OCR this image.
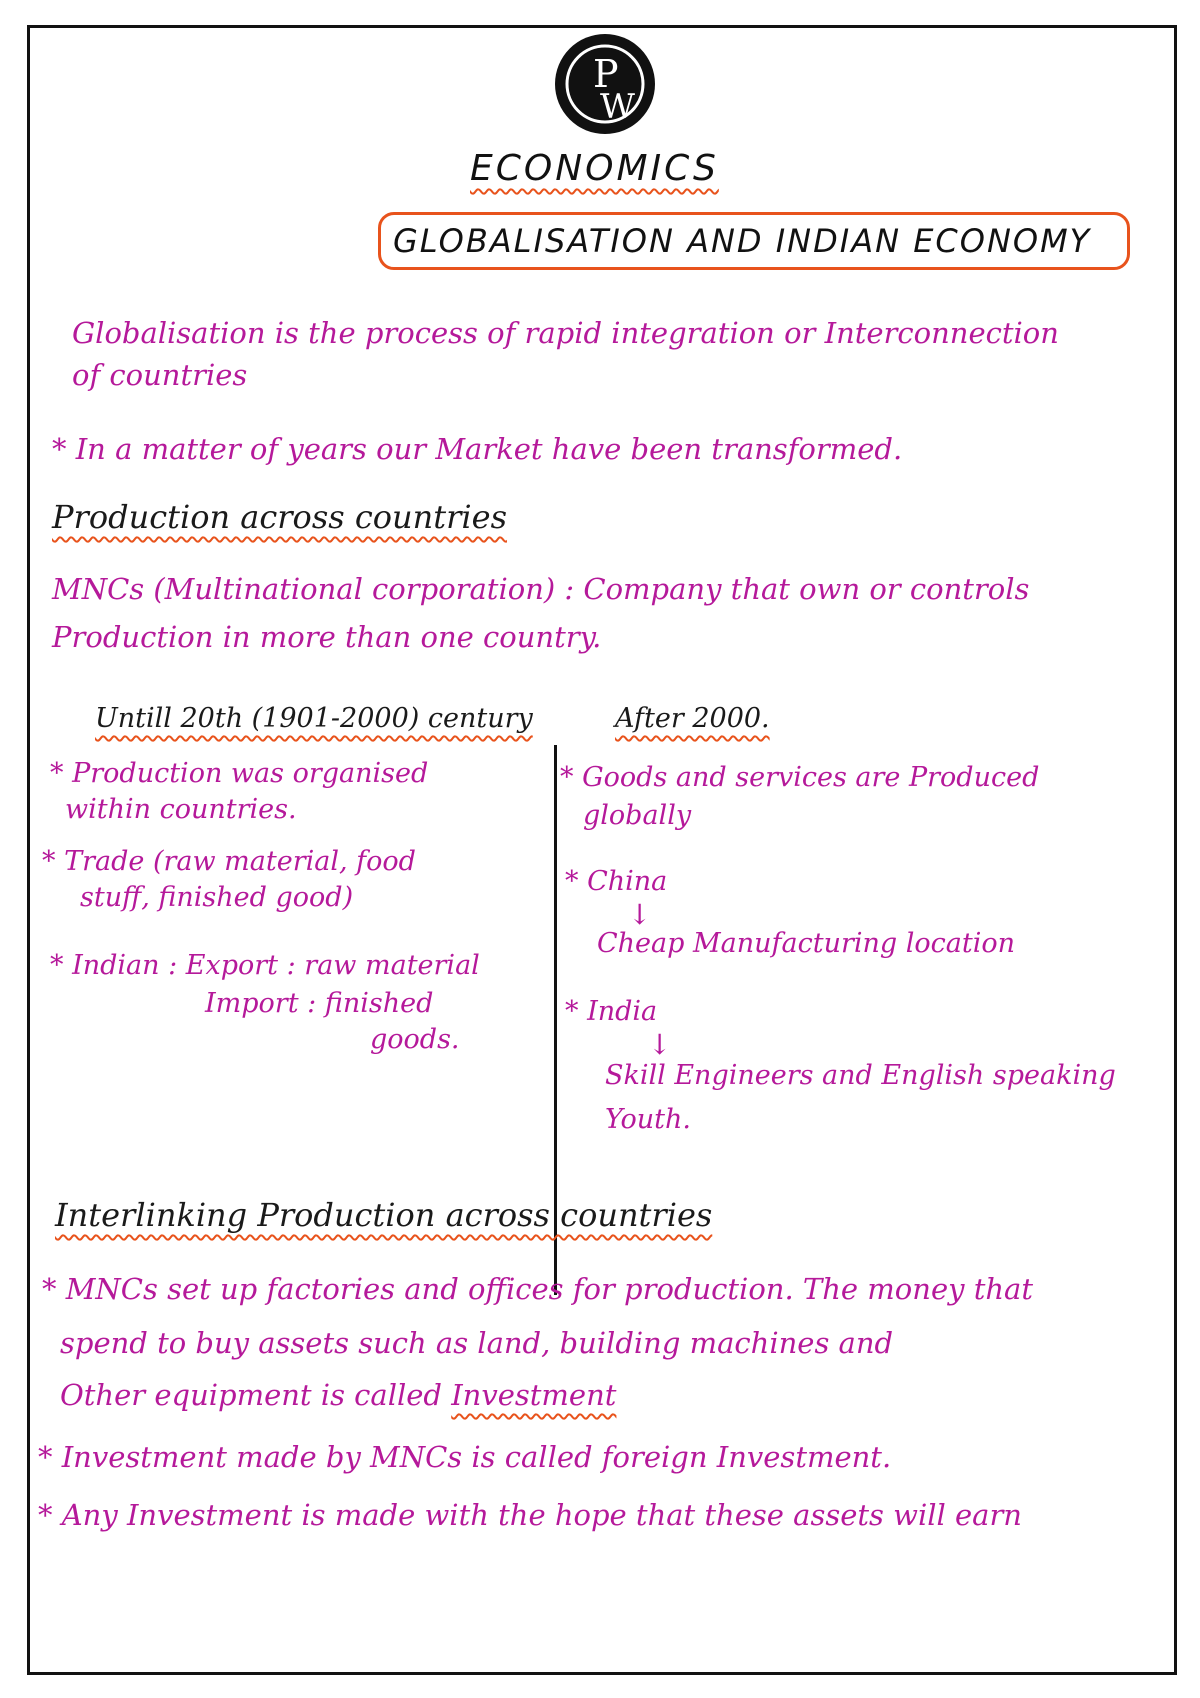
P
W
ECONOMICS
GLOBALISATION AND INDIAN ECONOMY
Globalisation is the process of rapid integration or Interconnection
of countries
* In a matter of years our Market have been transformed.
Production across countries
MNCs (Multinational corporation) : Company that own or controls
Production in more than one country.
Untill 20th (1901-2000) century
* Production was organised
within countries.
* Trade (raw material, food
stuff, finished good)
* Indian : Export : raw material
Import : finished
goods.
After 2000.
* Goods and services are Produced
globally
* China
↓
Cheap Manufacturing location
* India
↓
Skill Engineers and English speaking
Youth.
Interlinking Production across countries
* MNCs set up factories and offices for production. The money that
spend to buy assets such as land, building machines and
Other equipment is called Investment
* Investment made by MNCs is called foreign Investment.
* Any Investment is made with the hope that these assets will earn
